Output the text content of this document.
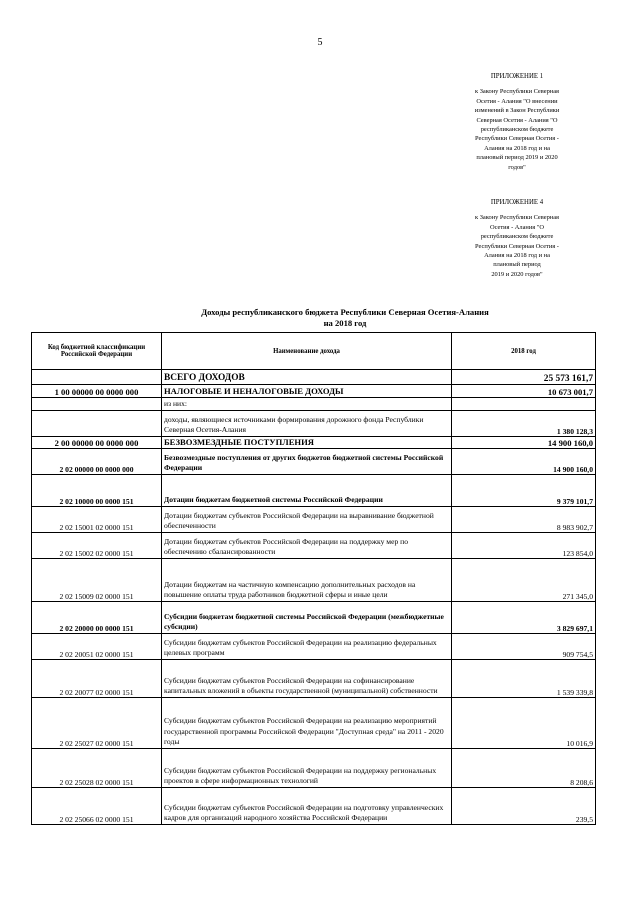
5
ПРИЛОЖЕНИЕ 1
к Закону Республики Северная
Осетия - Алания "О внесении
изменений в Закон Республики
Северная Осетия - Алания "О
республиканском бюджете
Республики Северная Осетия -
Алания на 2018 год и на
плановый период 2019 и 2020
годов"
ПРИЛОЖЕНИЕ 4
к Закону Республики Северная
Осетия - Алания "О
республиканском бюджете
Республики Северная Осетия -
Алания на 2018 год и на
плановый период
2019 и 2020 годов"
Доходы республиканского бюджета Республики Северная Осетия-Алания
на 2018 год
Код бюджетной классификации Российской Федерации	Наименование дохода	2018 год
	ВСЕГО ДОХОДОВ	25 573 161,7
1 00 00000 00 0000 000	НАЛОГОВЫЕ И НЕНАЛОГОВЫЕ ДОХОДЫ	10 673 001,7
	из них:	
	доходы, являющиеся источниками формирования дорожного фонда Республики Северная Осетия-Алания	1 380 128,3
2 00 00000 00 0000 000	БЕЗВОЗМЕЗДНЫЕ ПОСТУПЛЕНИЯ	14 900 160,0
2 02 00000 00 0000 000	Безвозмездные поступления от других бюджетов бюджетной системы Российской Федерации	14 900 160,0
2 02 10000 00 0000 151	Дотации бюджетам бюджетной системы Российской Федерации	9 379 101,7
2 02 15001 02 0000 151	Дотации бюджетам субъектов Российской Федерации на выравнивание бюджетной обеспеченности	8 983 902,7
2 02 15002 02 0000 151	Дотации бюджетам субъектов Российской Федерации на поддержку мер по обеспечению сбалансированности	123 854,0
2 02 15009 02 0000 151	Дотации бюджетам на частичную компенсацию дополнительных расходов на повышение оплаты труда работников бюджетной сферы и иные цели	271 345,0
2 02 20000 00 0000 151	Субсидии бюджетам бюджетной системы Российской Федерации (межбюджетные субсидии)	3 829 697,1
2 02 20051 02 0000 151	Субсидии бюджетам субъектов Российской Федерации на реализацию федеральных целевых программ	909 754,5
2 02 20077 02 0000 151	Субсидии бюджетам субъектов Российской Федерации на софинансирование капитальных вложений в объекты государственной (муниципальной) собственности	1 539 339,8
2 02 25027 02 0000 151	Субсидии бюджетам субъектов Российской Федерации на реализацию мероприятий государственной программы Российской Федерации "Доступная среда" на 2011 - 2020 годы	10 016,9
2 02 25028 02 0000 151	Субсидии бюджетам субъектов Российской Федерации на поддержку региональных проектов в сфере информационных технологий	8 208,6
2 02 25066 02 0000 151	Субсидии бюджетам субъектов Российской Федерации на подготовку управленческих кадров для организаций народного хозяйства Российской Федерации	239,5
